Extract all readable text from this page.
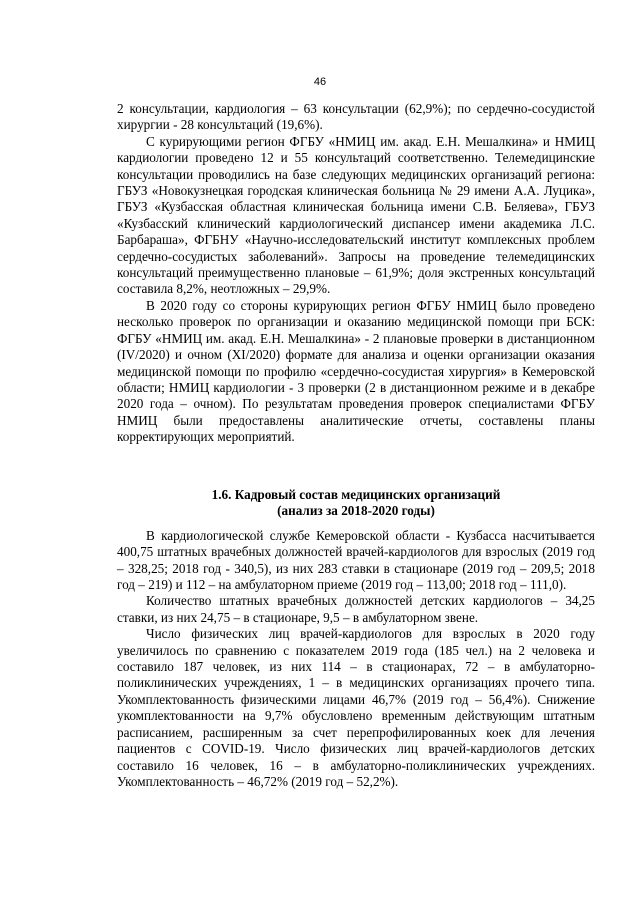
46

2 консультации, кардиология – 63 консультации (62,9%); по сердечно-сосудистой хирургии - 28 консультаций (19,6%).

С курирующими регион ФГБУ «НМИЦ им. акад. Е.Н. Мешалкина» и НМИЦ кардиологии проведено 12 и 55 консультаций соответственно. Телемедицинские консультации проводились на базе следующих медицинских организаций региона: ГБУЗ «Новокузнецкая городская клиническая больница № 29 имени А.А. Луцика», ГБУЗ «Кузбасская областная клиническая больница имени С.В. Беляева», ГБУЗ «Кузбасский клинический кардиологический диспансер имени академика Л.С. Барбараша», ФГБНУ «Научно-исследовательский институт комплексных проблем сердечно-сосудистых заболеваний». Запросы на проведение телемедицинских консультаций преимущественно плановые – 61,9%; доля экстренных консультаций составила 8,2%, неотложных – 29,9%.

В 2020 году со стороны курирующих регион ФГБУ НМИЦ было проведено несколько проверок по организации и оказанию медицинской помощи при БСК: ФГБУ «НМИЦ им. акад. Е.Н. Мешалкина» - 2 плановые проверки в дистанционном (IV/2020) и очном (XI/2020) формате для анализа и оценки организации оказания медицинской помощи по профилю «сердечно-сосудистая хирургия» в Кемеровской области; НМИЦ кардиологии - 3 проверки (2 в дистанционном режиме и в декабре 2020 года – очном). По результатам проведения проверок специалистами ФГБУ НМИЦ были предоставлены аналитические отчеты, составлены планы корректирующих мероприятий.

1.6. Кадровый состав медицинских организаций
(анализ за 2018-2020 годы)

В кардиологической службе Кемеровской области - Кузбасса насчитывается 400,75 штатных врачебных должностей врачей-кардиологов для взрослых (2019 год – 328,25; 2018 год - 340,5), из них 283 ставки в стационаре (2019 год – 209,5; 2018 год – 219) и 112 – на амбулаторном приеме (2019 год – 113,00; 2018 год – 111,0).

Количество штатных врачебных должностей детских кардиологов – 34,25 ставки, из них 24,75 – в стационаре, 9,5 – в амбулаторном звене.

Число физических лиц врачей-кардиологов для взрослых в 2020 году увеличилось по сравнению с показателем 2019 года (185 чел.) на 2 человека и составило 187 человек, из них 114 – в стационарах, 72 – в амбулаторно-поликлинических учреждениях, 1 – в медицинских организациях прочего типа. Укомплектованность физическими лицами 46,7% (2019 год – 56,4%). Снижение укомплектованности на 9,7% обусловлено временным действующим штатным расписанием, расширенным за счет перепрофилированных коек для лечения пациентов с COVID-19. Число физических лиц врачей-кардиологов детских составило 16 человек, 16 – в амбулаторно-поликлинических учреждениях. Укомплектованность – 46,72% (2019 год – 52,2%).
